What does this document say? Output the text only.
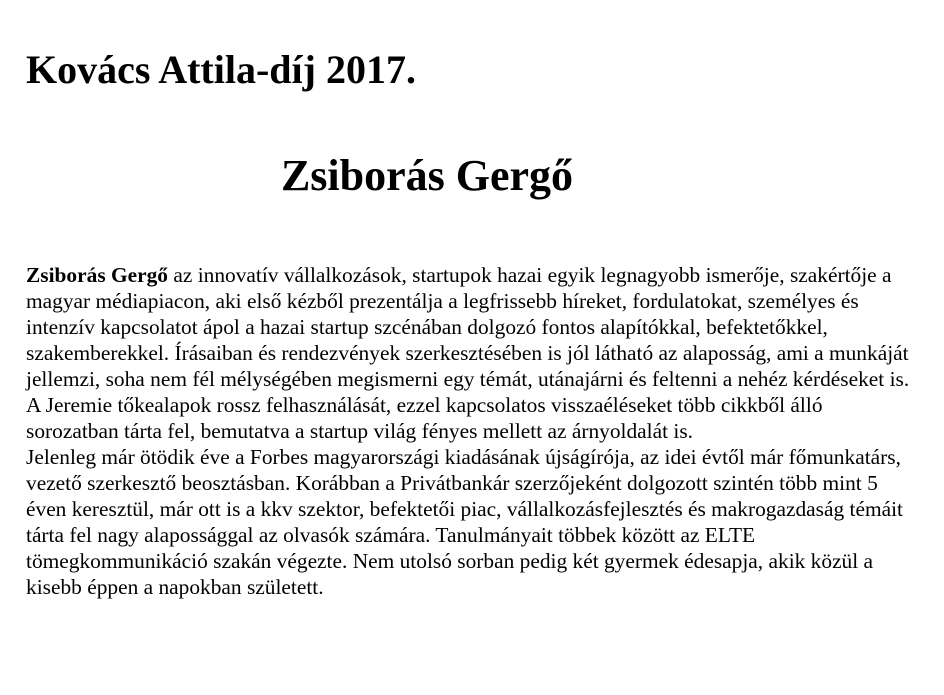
Kovács Attila-díj 2017.
Zsiborás Gergő

Zsiborás Gergő az innovatív vállalkozások, startupok hazai egyik legnagyobb ismerője, szakértője a magyar médiapiacon, aki első kézből prezentálja a legfrissebb híreket, fordulatokat, személyes és intenzív kapcsolatot ápol a hazai startup szcénában dolgozó fontos alapítókkal, befektetőkkel, szakemberekkel. Írásaiban és rendezvények szerkesztésében is jól látható az alaposság, ami a munkáját jellemzi, soha nem fél mélységében megismerni egy témát, utánajárni és feltenni a nehéz kérdéseket is. A Jeremie tőkealapok rossz felhasználását, ezzel kapcsolatos visszaéléseket több cikkből álló sorozatban tárta fel, bemutatva a startup világ fényes mellett az árnyoldalát is.

Jelenleg már ötödik éve a Forbes magyarországi kiadásának újságírója, az idei évtől már főmunkatárs, vezető szerkesztő beosztásban. Korábban a Privátbankár szerzőjeként dolgozott szintén több mint 5 éven keresztül, már ott is a kkv szektor, befektetői piac, vállalkozásfejlesztés és makrogazdaság témáit tárta fel nagy alapossággal az olvasók számára. Tanulmányait többek között az ELTE tömegkommunikáció szakán végezte. Nem utolsó sorban pedig két gyermek édesapja, akik közül a kisebb éppen a napokban született.
